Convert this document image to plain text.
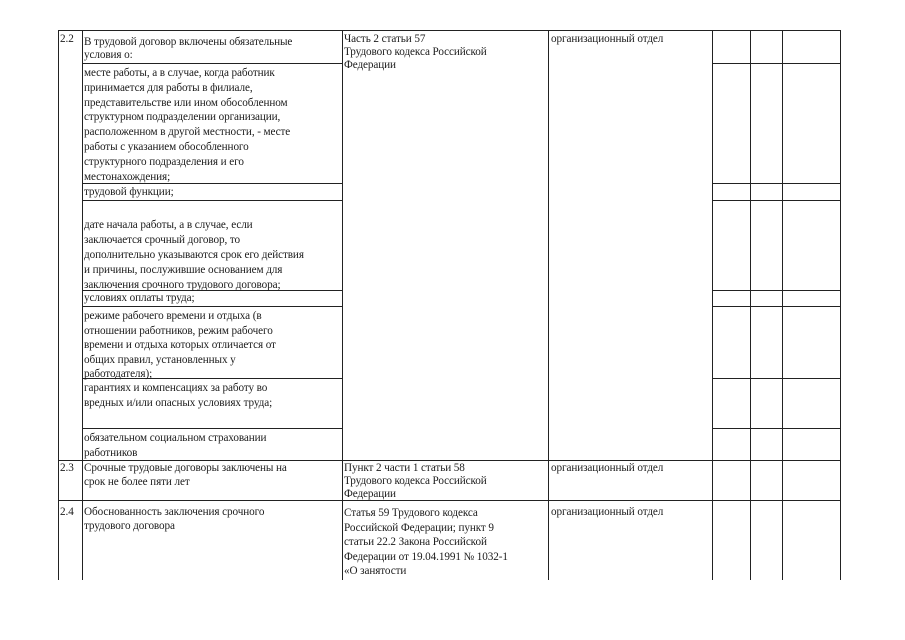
2.2 В трудовой договор включены обязательные
условия о:
Часть 2 статьи 57
Трудового кодекса Российской
Федерации
организационный отдел
месте работы, а в случае, когда работник
принимается для работы в филиале,
представительстве или ином обособленном
структурном подразделении организации,
расположенном в другой местности, - месте
работы с указанием обособленного
структурного подразделения и его
местонахождения;
трудовой функции;
дате начала работы, а в случае, если
заключается срочный договор, то
дополнительно указываются срок его действия
и причины, послужившие основанием для
заключения срочного трудового договора;
условиях оплаты труда;
режиме рабочего времени и отдыха (в
отношении работников, режим рабочего
времени и отдыха которых отличается от
общих правил, установленных у
работодателя);
гарантиях и компенсациях за работу во
вредных и/или опасных условиях труда;
обязательном социальном страховании
работников
2.3 Срочные трудовые договоры заключены на
срок не более пяти лет
Пункт 2 части 1 статьи 58
Трудового кодекса Российской
Федерации
организационный отдел
2.4 Обоснованность заключения срочного
трудового договора
Статья 59 Трудового кодекса
Российской Федерации; пункт 9
статьи 22.2 Закона Российской
Федерации от 19.04.1991 № 1032-1
«О занятости
организационный отдел
